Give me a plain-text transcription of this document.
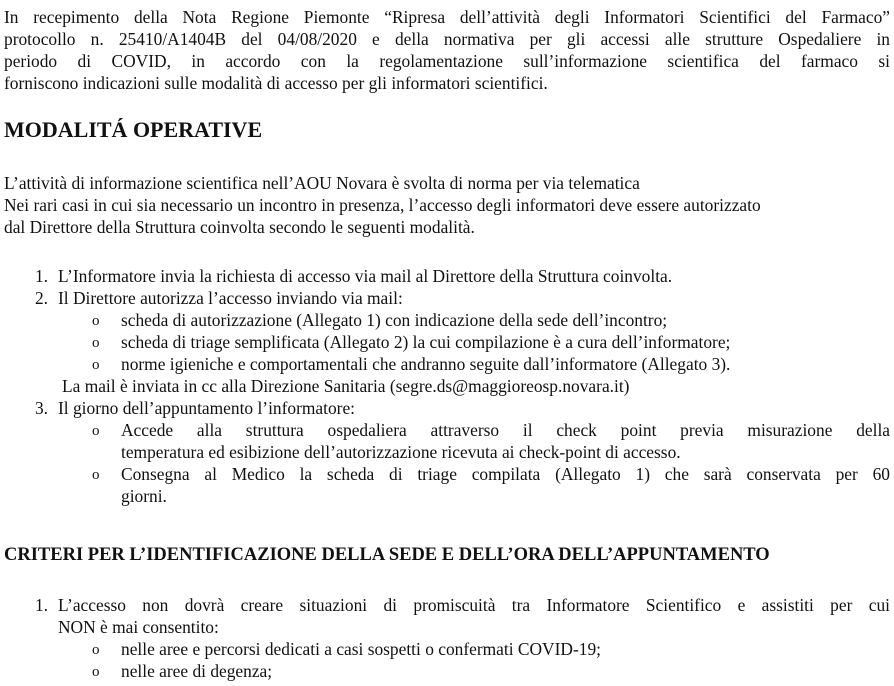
In recepimento della Nota Regione Piemonte “Ripresa dell’attività degli Informatori Scientifici del Farmaco”
protocollo n. 25410/A1404B del 04/08/2020 e della normativa per gli accessi alle strutture Ospedaliere in
periodo di COVID, in accordo con la regolamentazione sull’informazione scientifica del farmaco si
forniscono indicazioni sulle modalità di accesso per gli informatori scientifici.
MODALITÁ OPERATIVE
L’attività di informazione scientifica nell’AOU Novara è svolta di norma per via telematica
Nei rari casi in cui sia necessario un incontro in presenza, l’accesso degli informatori deve essere autorizzato
dal Direttore della Struttura coinvolta secondo le seguenti modalità.
1. L’Informatore invia la richiesta di accesso via mail al Direttore della Struttura coinvolta.
2. Il Direttore autorizza l’accesso inviando via mail:
o scheda di autorizzazione (Allegato 1) con indicazione della sede dell’incontro;
o scheda di triage semplificata (Allegato 2) la cui compilazione è a cura dell’informatore;
o norme igieniche e comportamentali che andranno seguite dall’informatore (Allegato 3).
La mail è inviata in cc alla Direzione Sanitaria (segre.ds@maggioreosp.novara.it)
3. Il giorno dell’appuntamento l’informatore:
o Accede alla struttura ospedaliera attraverso il check point previa misurazione della
temperatura ed esibizione dell’autorizzazione ricevuta ai check-point di accesso.
o Consegna al Medico la scheda di triage compilata (Allegato 1) che sarà conservata per 60
giorni.
CRITERI PER L’IDENTIFICAZIONE DELLA SEDE E DELL’ORA DELL’APPUNTAMENTO
1. L’accesso non dovrà creare situazioni di promiscuità tra Informatore Scientifico e assistiti per cui
NON è mai consentito:
o nelle aree e percorsi dedicati a casi sospetti o confermati COVID-19;
o nelle aree di degenza;
